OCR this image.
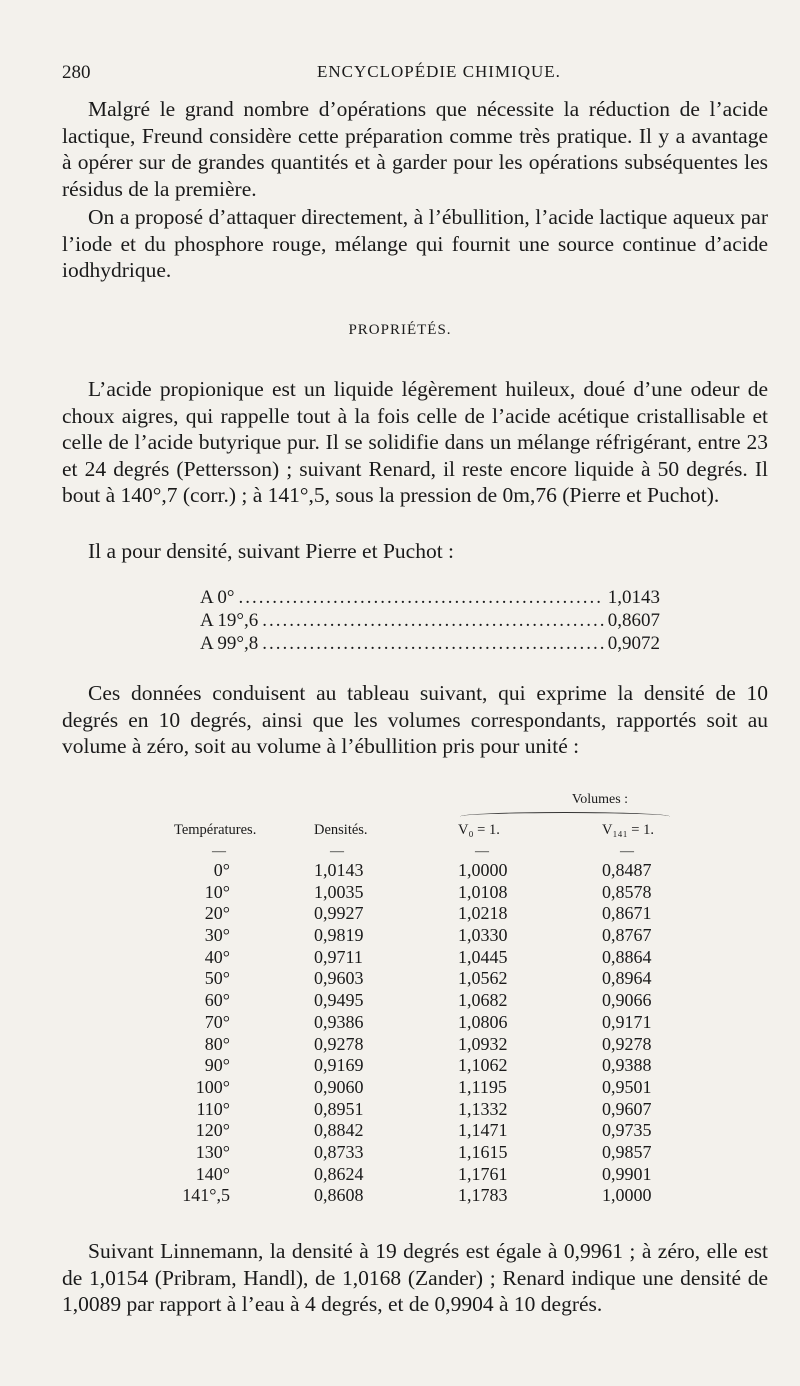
280	ENCYCLOPÉDIE CHIMIQUE.

Malgré le grand nombre d’opérations que nécessite la réduction de l’acide lactique, Freund considère cette préparation comme très pratique. Il y a avantage à opérer sur de grandes quantités et à garder pour les opérations subséquentes les résidus de la première.

On a proposé d’attaquer directement, à l’ébullition, l’acide lactique aqueux par l’iode et du phosphore rouge, mélange qui fournit une source continue d’acide iodhydrique.

PROPRIÉTÉS.

L’acide propionique est un liquide légèrement huileux, doué d’une odeur de choux aigres, qui rappelle tout à la fois celle de l’acide acétique cristallisable et celle de l’acide butyrique pur. Il se solidifie dans un mélange réfrigérant, entre 23 et 24 degrés (Pettersson) ; suivant Renard, il reste encore liquide à 50 degrés. Il bout à 140°,7 (corr.) ; à 141°,5, sous la pression de 0m,76 (Pierre et Puchot).

Il a pour densité, suivant Pierre et Puchot :

A 0° .....	1,0143
A 19°,6 .....	0,8607
A 99°,8 .....	0,9072

Ces données conduisent au tableau suivant, qui exprime la densité de 10 degrés en 10 degrés, ainsi que les volumes correspondants, rapportés soit au volume à zéro, soit au volume à l’ébullition pris pour unité :

Volumes :
Températures.	Densités.	V₀ = 1.	V₁₄₁ = 1.
—	—	—	—
0°	1,0143	1,0000	0,8487
10°	1,0035	1,0108	0,8578
20°	0,9927	1,0218	0,8671
30°	0,9819	1,0330	0,8767
40°	0,9711	1,0445	0,8864
50°	0,9603	1,0562	0,8964
60°	0,9495	1,0682	0,9066
70°	0,9386	1,0806	0,9171
80°	0,9278	1,0932	0,9278
90°	0,9169	1,1062	0,9388
100°	0,9060	1,1195	0,9501
110°	0,8951	1,1332	0,9607
120°	0,8842	1,1471	0,9735
130°	0,8733	1,1615	0,9857
140°	0,8624	1,1761	0,9901
141°,5	0,8608	1,1783	1,0000

Suivant Linnemann, la densité à 19 degrés est égale à 0,9961 ; à zéro, elle est de 1,0154 (Pribram, Handl), de 1,0168 (Zander) ; Renard indique une densité de 1,0089 par rapport à l’eau à 4 degrés, et de 0,9904 à 10 degrés.
